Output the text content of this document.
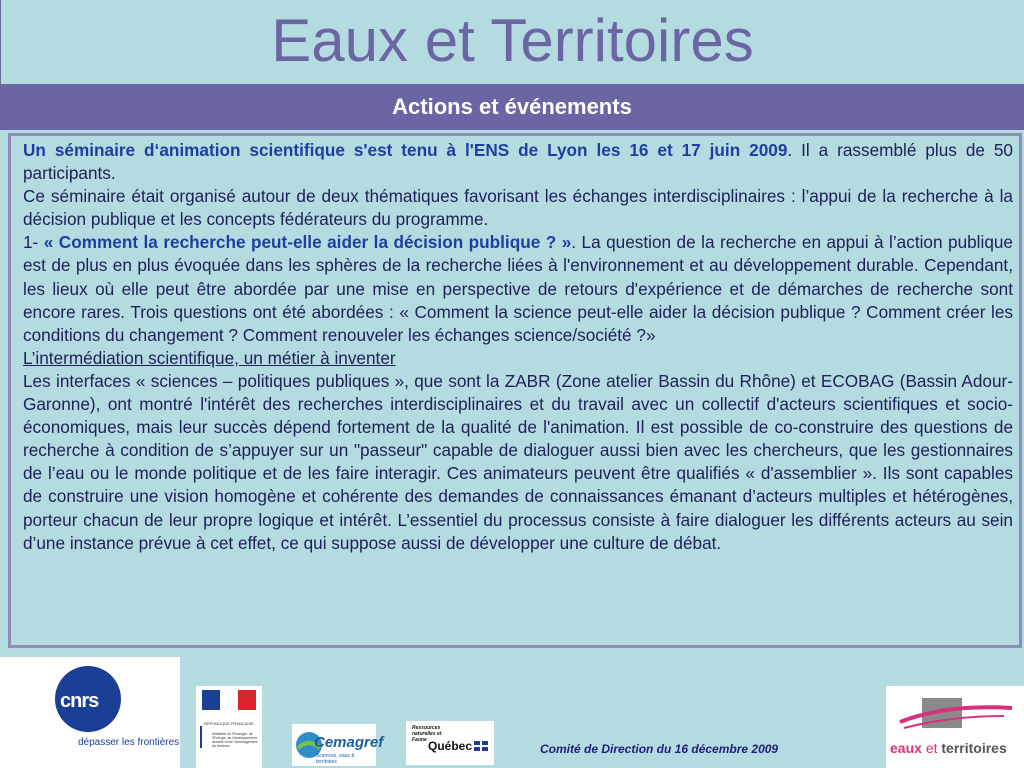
Eaux et Territoires
Actions et événements

Un séminaire d‘animation scientifique s'est tenu à l'ENS de Lyon les 16 et 17 juin 2009. Il a rassemblé plus de 50 participants.

Ce séminaire était organisé autour de deux thématiques favorisant les échanges interdisciplinaires : l’appui de la recherche à la décision publique et les concepts fédérateurs du programme.

1- « Comment la recherche peut-elle aider la décision publique ? ». La question de la recherche en appui à l’action publique est de plus en plus évoquée dans les sphères de la recherche liées à l'environnement et au développement durable. Cependant, les lieux où elle peut être abordée par une mise en perspective de retours d'expérience et de démarches de recherche sont encore rares. Trois questions ont été abordées : « Comment la science peut-elle aider la décision publique ? Comment créer les conditions du changement ? Comment renouveler les échanges science/société ?»

L’intermédiation scientifique, un métier à inventer

Les interfaces « sciences – politiques publiques », que sont la ZABR (Zone atelier Bassin du Rhône) et ECOBAG (Bassin Adour-Garonne), ont montré l'intérêt des recherches interdisciplinaires et du travail avec un collectif d'acteurs scientifiques et socio-économiques, mais leur succès dépend fortement de la qualité de l'animation. Il est possible de co-construire des questions de recherche à condition de s’appuyer sur un "passeur" capable de dialoguer aussi bien avec les chercheurs, que les gestionnaires de l’eau ou le monde politique et de les faire interagir. Ces animateurs peuvent être qualifiés « d'assemblier ». Ils sont capables de construire une vision homogène et cohérente des demandes de connaissances émanant d’acteurs multiples et hétérogènes, porteur chacun de leur propre logique et intérêt. L’essentiel du processus consiste à faire dialoguer les différents acteurs au sein d’une instance prévue à cet effet, ce qui suppose aussi de développer une culture de débat.

cnrs
dépasser les frontières
RÉPUBLIQUE FRANÇAISE
Ministère de l'Écologie, de l'Énergie, du Développement durable et de l'Aménagement du territoire	Cemagref
Sciences, eaux & territoires
Ressources naturelles et Faune Québec	Comité de Direction du 16 décembre 2009	eaux et territoires
